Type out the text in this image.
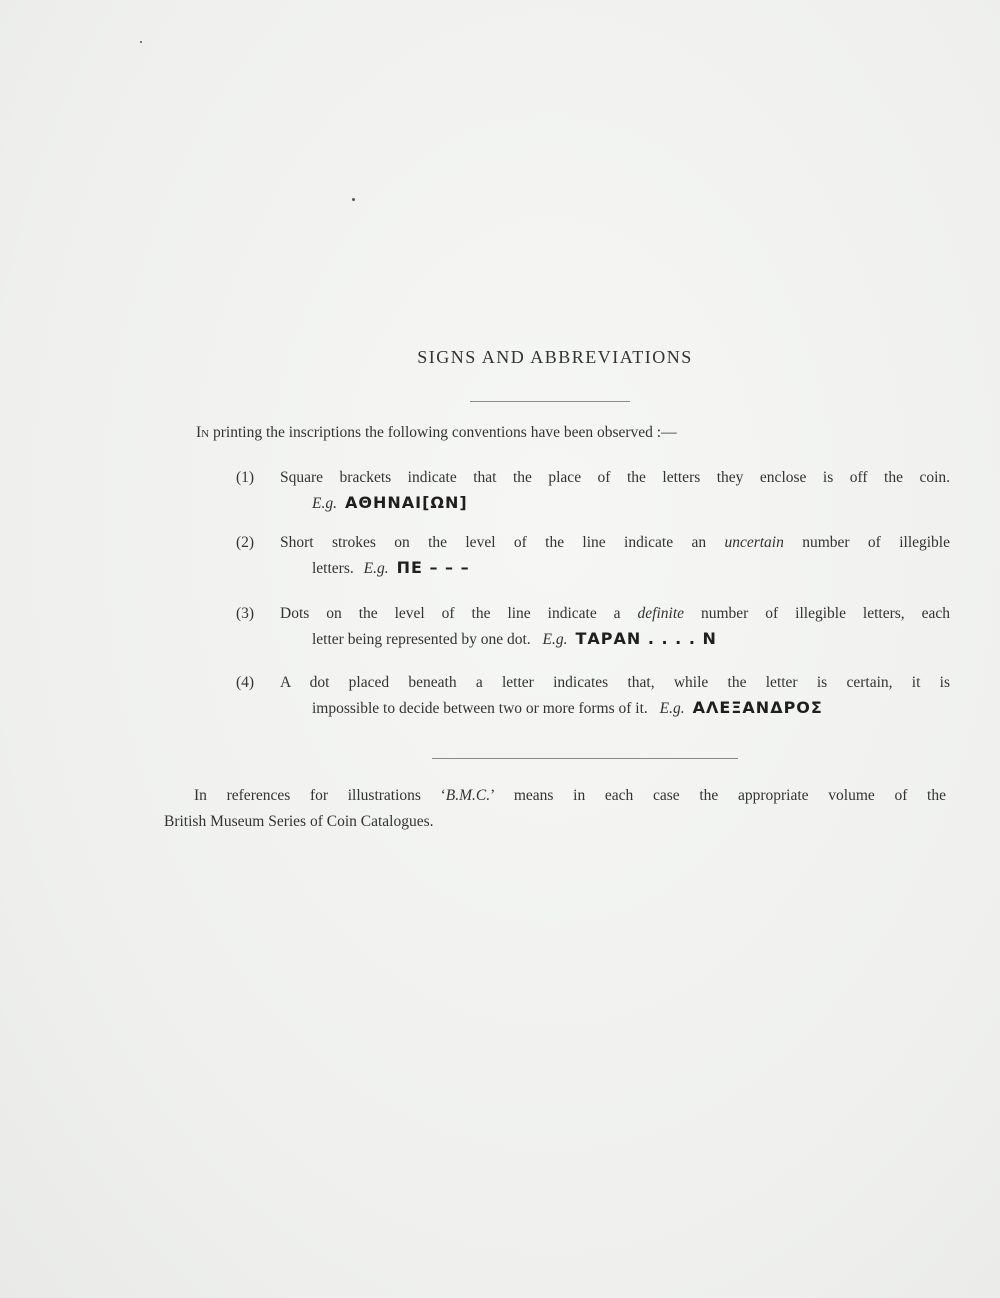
SIGNS AND ABBREVIATIONS
In printing the inscriptions the following conventions have been observed :—
(1) Square brackets indicate that the place of the letters they enclose is off the coin.
E.g. ΑΘΗΝΑΙ[ΩΝ]
(2) Short strokes on the level of the line indicate an uncertain number of illegible
letters. E.g. ΠΕ – – –
(3) Dots on the level of the line indicate a definite number of illegible letters, each
letter being represented by one dot. E.g. ΤΑΡΑΝ . . . . Ν
(4) A dot placed beneath a letter indicates that, while the letter is certain, it is
impossible to decide between two or more forms of it. E.g. ΑΛΕΞΑΝΔΡΟΣ
In references for illustrations ‘B.M.C.’ means in each case the appropriate volume of the
British Museum Series of Coin Catalogues.
